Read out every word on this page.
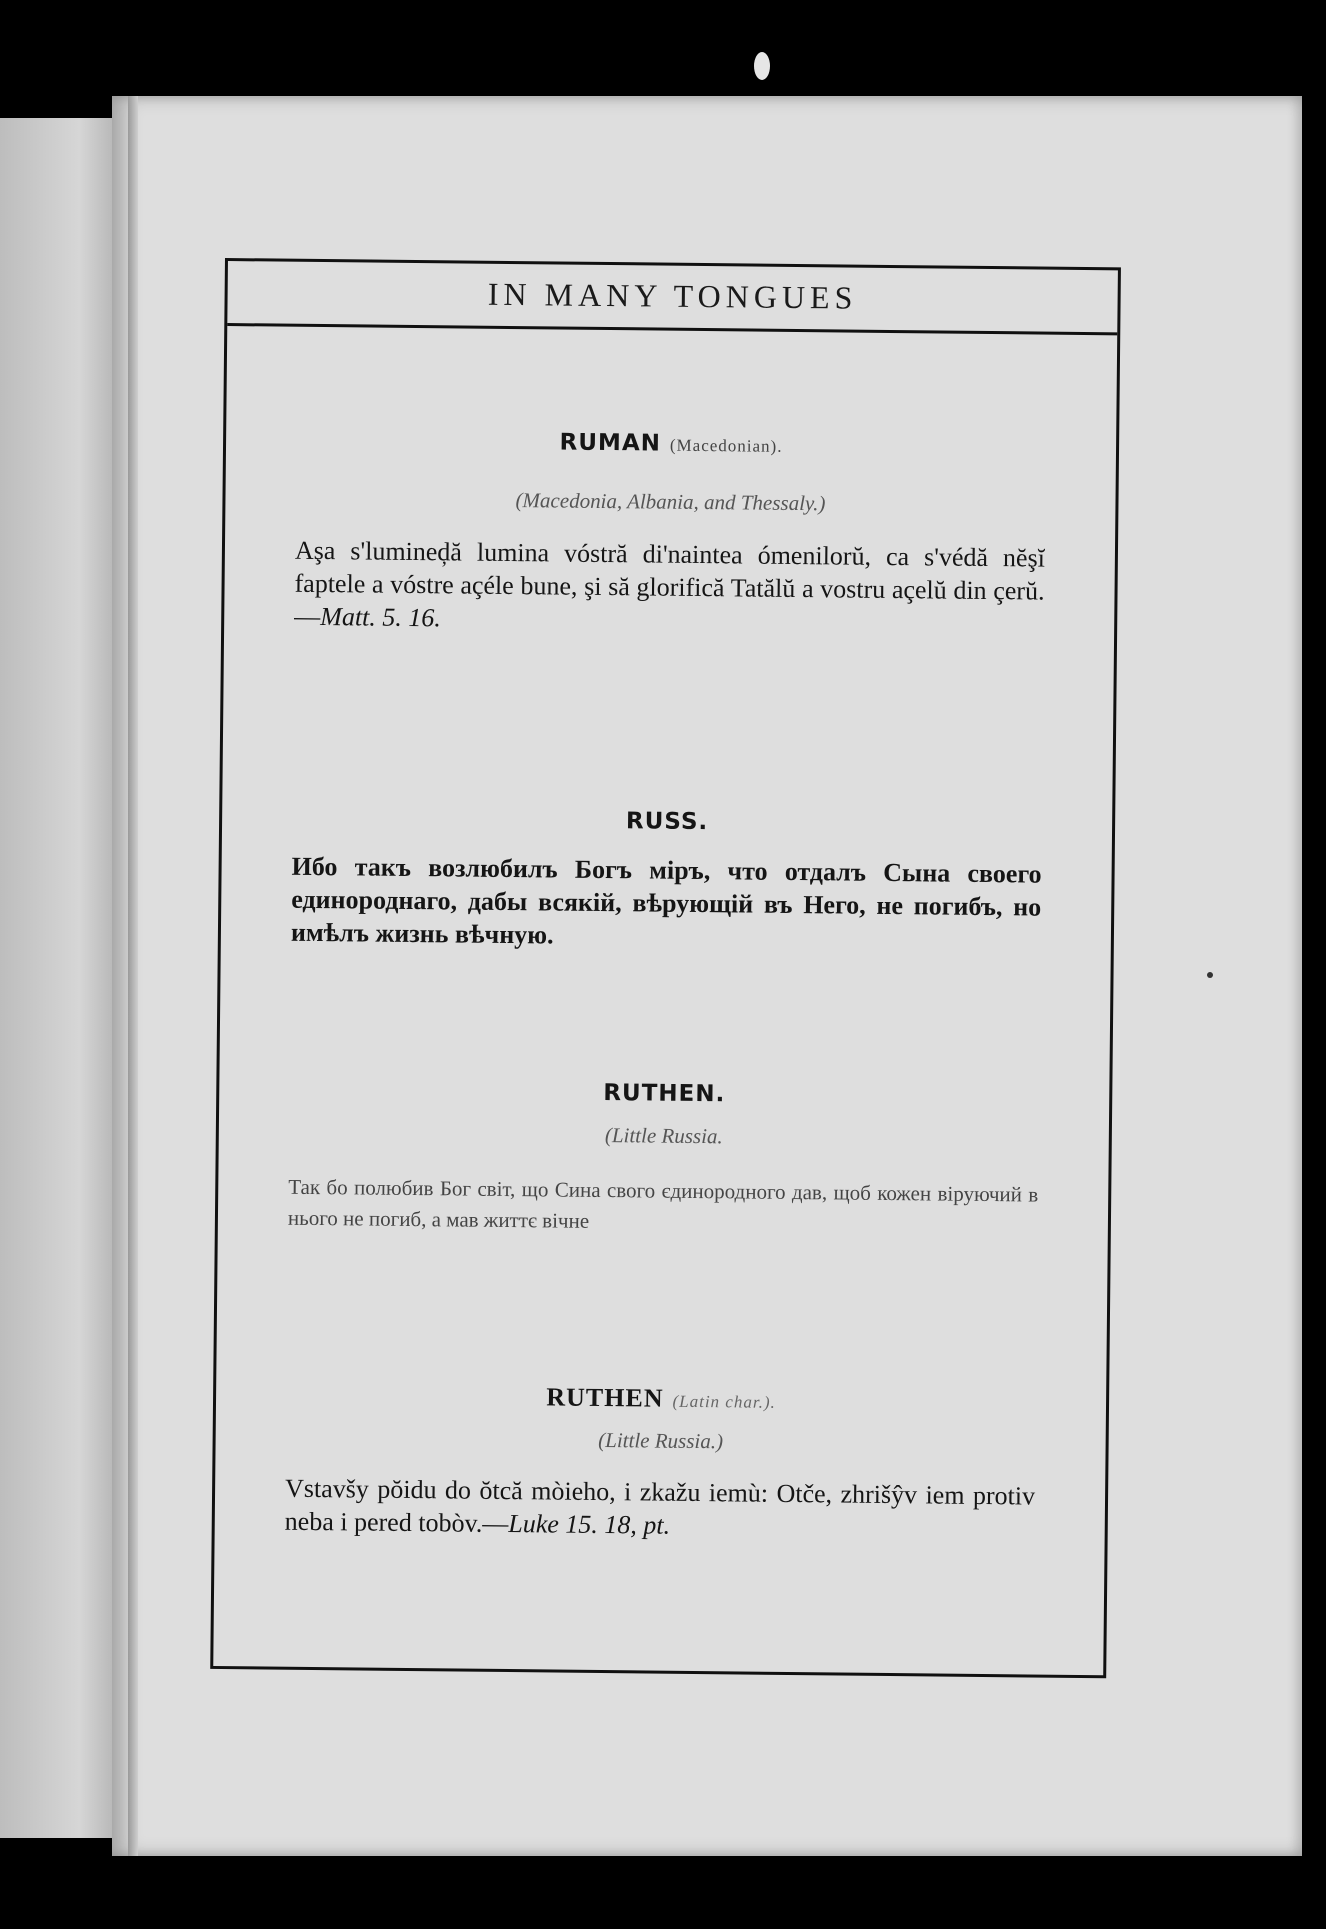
IN MANY TONGUES
RUMAN (Macedonian).
(Macedonia, Albania, and Thessaly.)
Aşa s'lumineḑă lumina vóstră di'naintea ómenilorŭ, ca s'védă nĕşĭ faptele a vóstre açéle bune, şi să glorifică Tatălŭ a vostru açelŭ din çerŭ.—Matt. 5. 16.
RUSS.
Ибо такъ возлюбилъ Богъ міръ, что отдалъ Сына своего единороднаго, дабы всякій, вѣрующій въ Него, не погибъ, но имѣлъ жизнь вѣчную.
RUTHEN.
(Little Russia.
Так бо полюбив Бог світ, що Сина свого єдинородного дав, щоб кожен віруючий в нього не погиб, а мав життє вічне
RUTHEN (Latin char.).
(Little Russia.)
Vstavšy pŏidu do ŏtcă mòieho, i zkažu iemù: Otče, zhrišŷv iem protiv neba i pered tobòv.—Luke 15. 18, pt.
